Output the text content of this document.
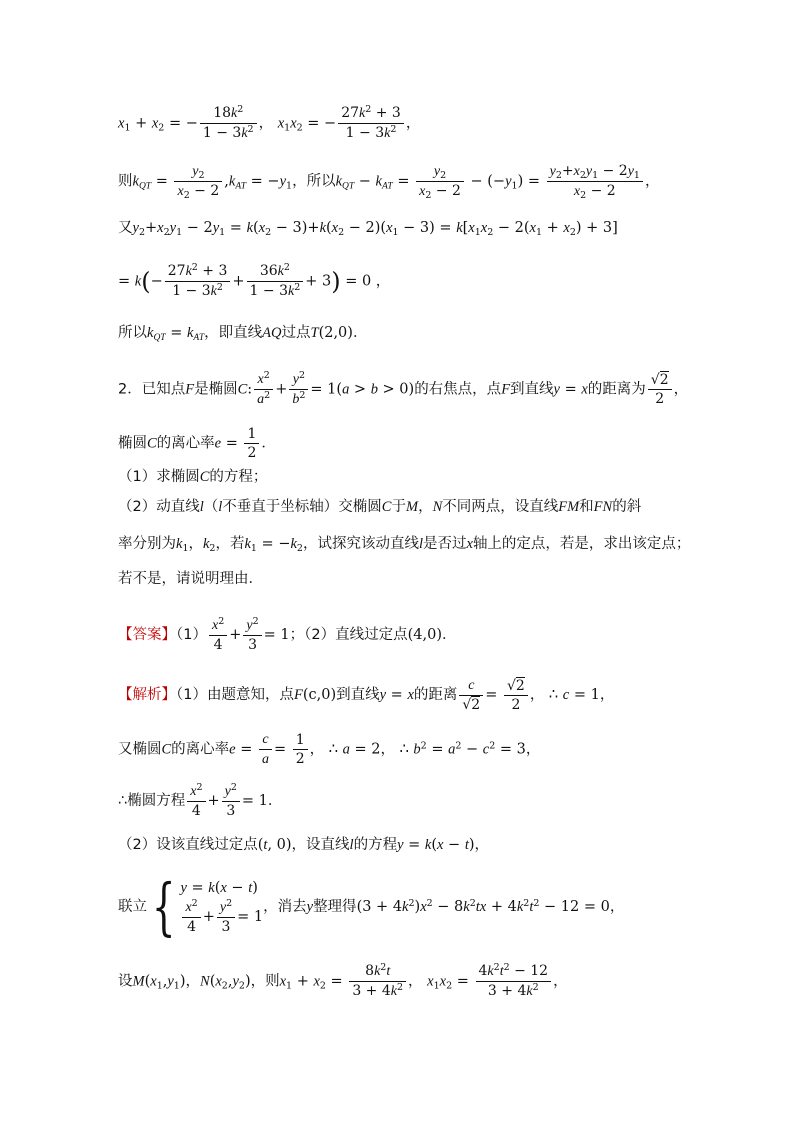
$x_1 + x_2$ = − $\frac{18k^2}{1 - 3k^2}$ ， $x_1x_2$ = − $\frac{27k^2 + 3}{1 - 3k^2}$ ，
则$k_{QT} = \frac{y_2}{x_2 - 2} ,k_{AT} = -y_1$，所以$k_{QT} - k_{AT} = \frac{y_2}{x_2 - 2} - (-y_1) = \frac{y_2+x_2y_1 - 2y_1}{x_2 - 2}$ ，
又$y_2+x_2y_1 - 2y_1 = k(x_2 - 3)+k(x_2 - 2)(x_1 - 3) = k[x_1x_2 - 2(x_1 + x_2) + 3]$
= $k(- \frac{27k^2 + 3}{1 - 3k^2} + \frac{36k^2}{1 - 3k^2} + 3) = 0$ ，
所以$k_{QT} = k_{AT}$，即直线AQ过点T(2,0)．
2．已知点F是椭圆C: $\frac{x^2}{a^2} + \frac{y^2}{b^2} = 1(a > b > 0)$的右焦点，点F到直线y = x的距离为 $\frac{√2}{2}$ ，
椭圆C的离心率$e = \frac{1}{2}$ ．
（1）求椭圆C的方程；
（2）动直线l（l不垂直于坐标轴）交椭圆C于M，N不同两点，设直线FM和FN的斜
率分别为$k_1$，$k_2$，若$k_1 = -k_2$，试探究该动直线l是否过x轴上的定点，若是，求出该定点；
若不是，请说明理由．
【答案】$(1) \frac{x^2}{4} + \frac{y^2}{3} = 1$；（2）直线过定点(4,0)．
【解析】（1）由题意知，点F(c,0)到直线y = x的距离 $\frac{c}{√2} = \frac{√2}{2}$ ， ∴ c = 1，
又椭圆C的离心率$e = \frac{c}{a} = \frac{1}{2}$ ， ∴ a = 2， ∴ $b^2 = a^2 - c^2 = 3$，
∴椭圆方程 $\frac{x^2}{4} + \frac{y^2}{3} = 1$．
（2）设该直线过定点(t, 0)，设直线l的方程y = k(x − t)，
联立{ y = k(x − t)
$\frac{x^2}{4} + \frac{y^2}{3} = 1$
，消去y整理得$(3 + 4k^2)x^2 - 8k^2tx + 4k^2t^2 - 12 = 0$，
设$M(x_1,y_1)$，$N(x_2,y_2)$，则$x_1 + x_2 = \frac{8k^2t}{3 + 4k^2}$ ， $x_1x_2 = \frac{4k^2t^2 - 12}{3 + 4k^2}$ ，
